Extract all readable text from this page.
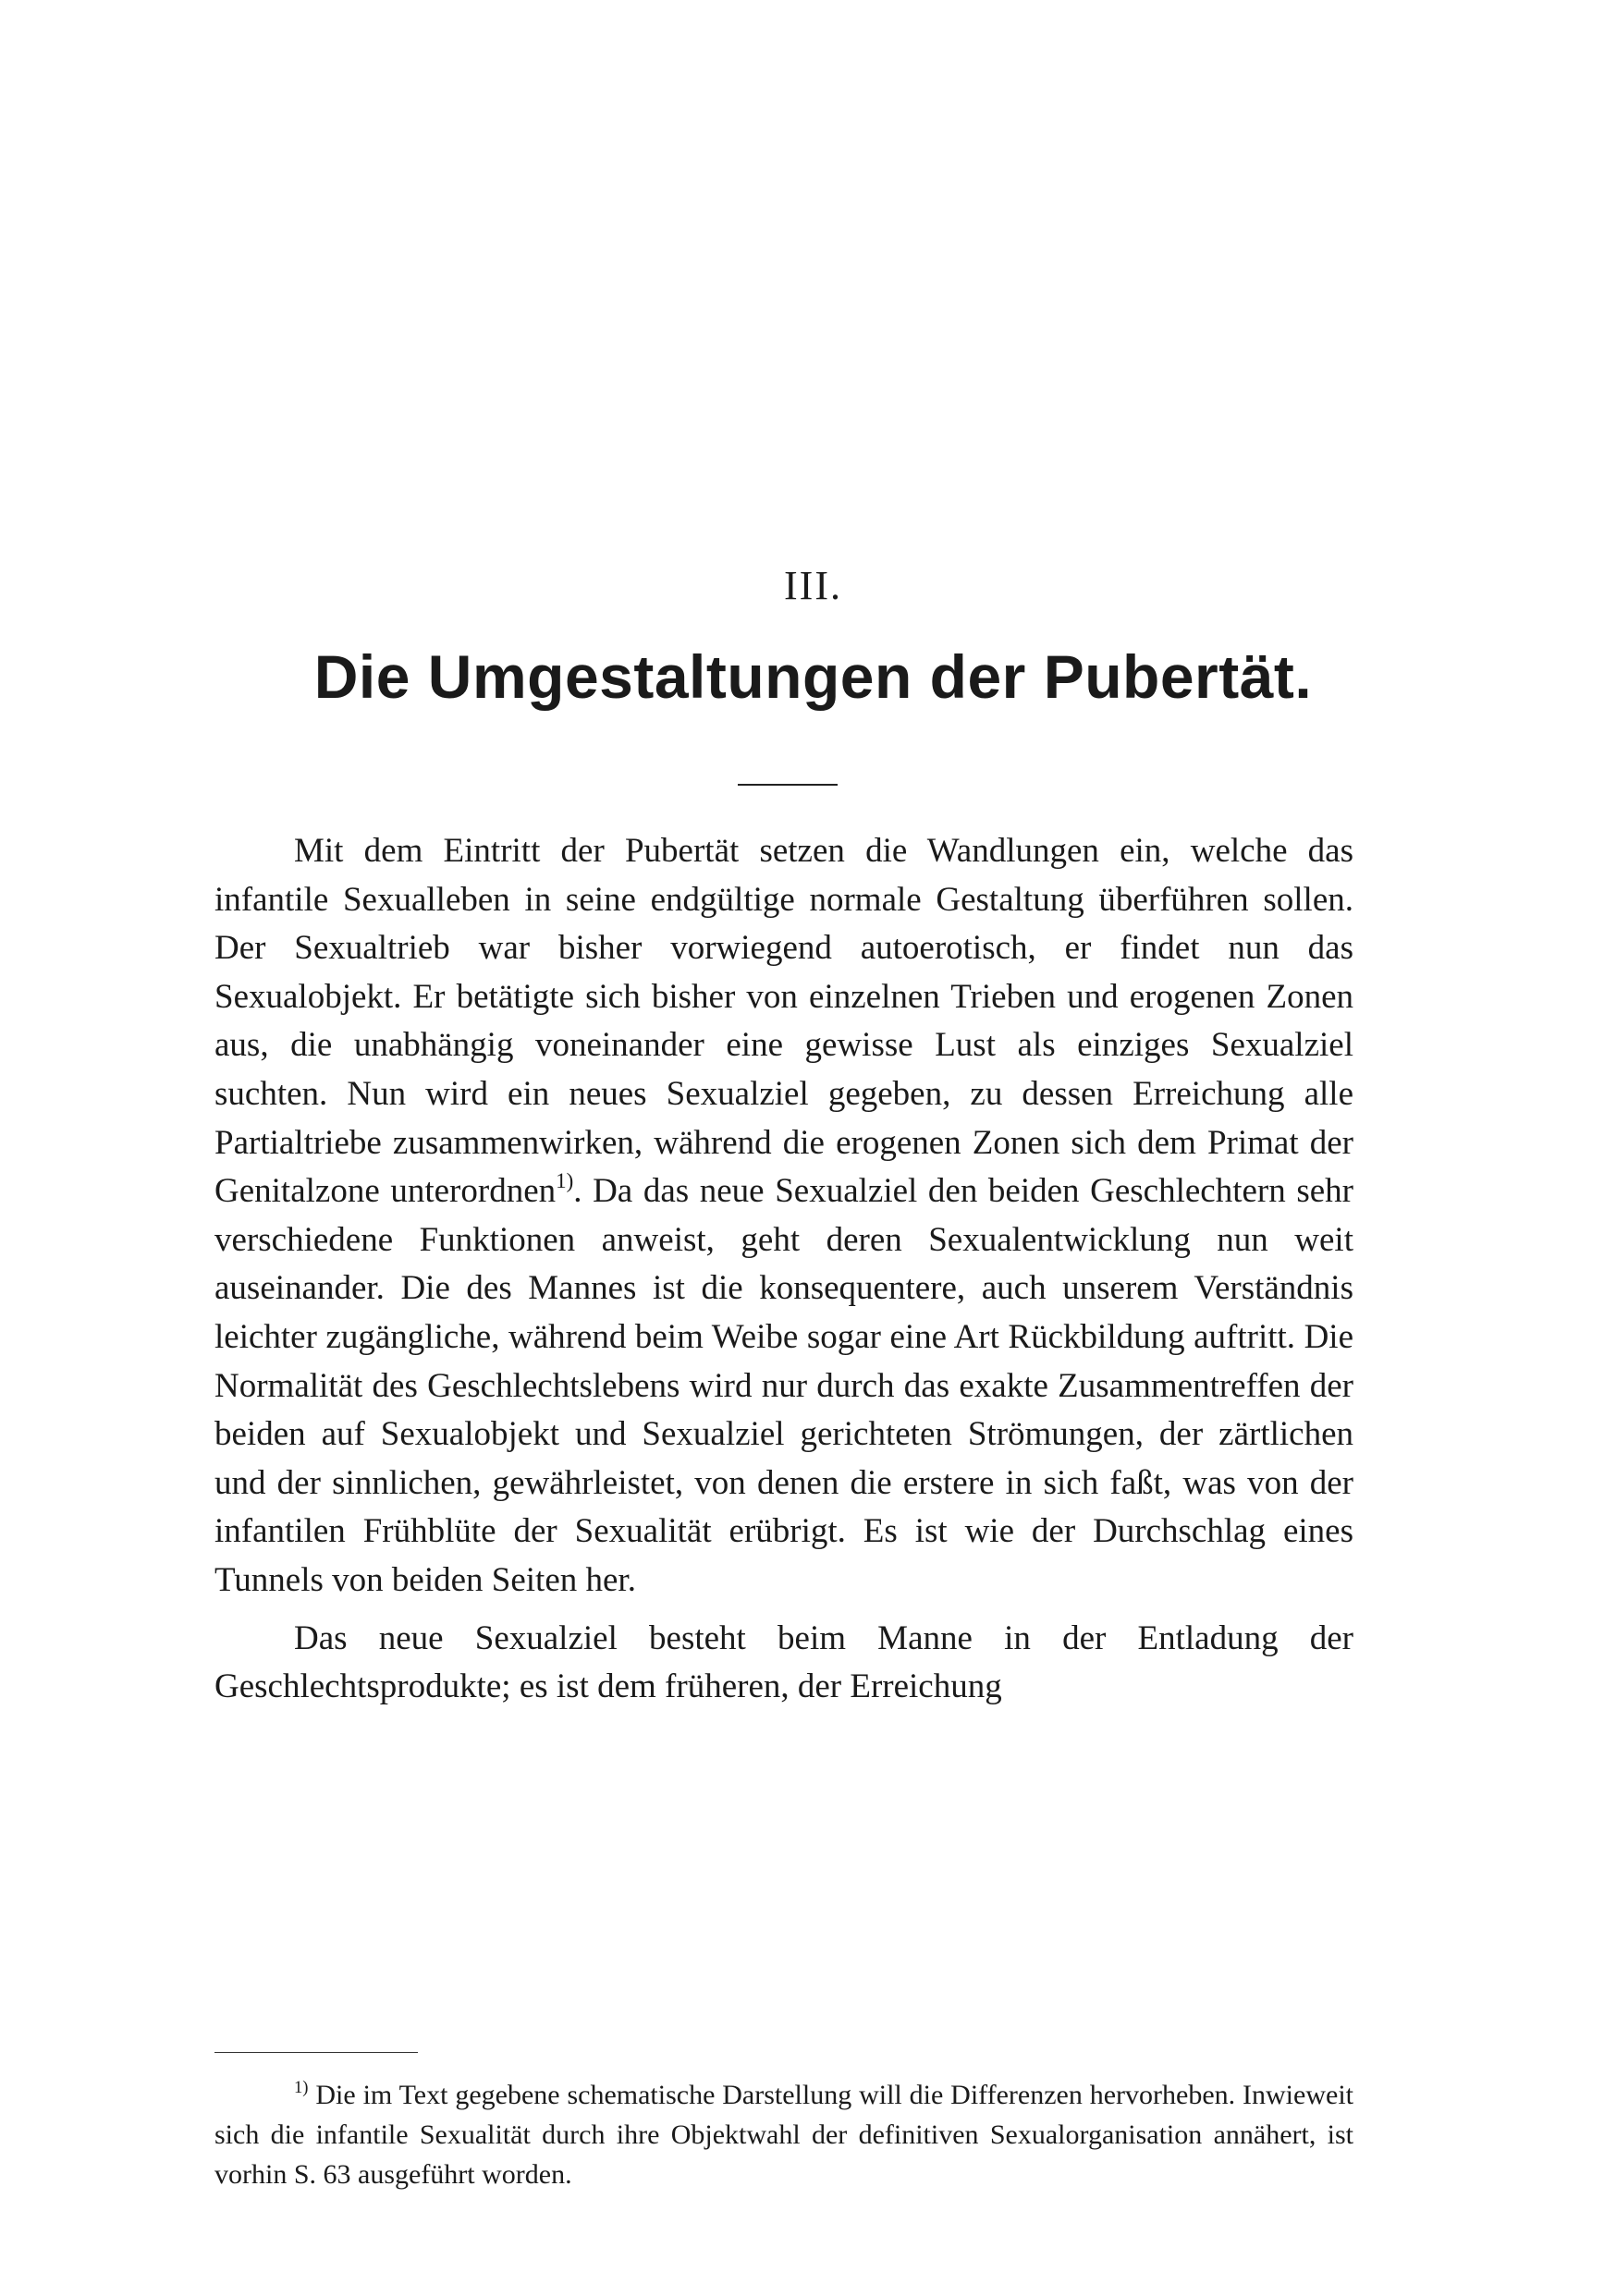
III.
Die Umgestaltungen der Pubertät.

Mit dem Eintritt der Pubertät setzen die Wandlungen ein, welche das infantile Sexualleben in seine endgültige normale Gestaltung überführen sollen. Der Sexualtrieb war bisher vorwiegend autoerotisch, er findet nun das Sexualobjekt. Er betätigte sich bisher von einzelnen Trieben und erogenen Zonen aus, die unabhängig voneinander eine gewisse Lust als einziges Sexualziel suchten. Nun wird ein neues Sexualziel gegeben, zu dessen Erreichung alle Partialtriebe zusammenwirken, während die erogenen Zonen sich dem Primat der Genitalzone unterordnen$^{1)}$. Da das neue Sexualziel den beiden Geschlechtern sehr verschiedene Funktionen anweist, geht deren Sexualentwicklung nun weit auseinander. Die des Mannes ist die konsequentere, auch unserem Verständnis leichter zugängliche, während beim Weibe sogar eine Art Rückbildung auftritt. Die Normalität des Geschlechtslebens wird nur durch das exakte Zusammentreffen der beiden auf Sexualobjekt und Sexualziel gerichteten Strömungen, der zärtlichen und der sinnlichen, gewährleistet, von denen die erstere in sich faßt, was von der infantilen Frühblüte der Sexualität erübrigt. Es ist wie der Durchschlag eines Tunnels von beiden Seiten her.

Das neue Sexualziel besteht beim Manne in der Entladung der Geschlechtsprodukte; es ist dem früheren, der Erreichung

$^{1)}$ Die im Text gegebene schematische Darstellung will die Differenzen hervorheben. Inwieweit sich die infantile Sexualität durch ihre Objektwahl der definitiven Sexualorganisation annähert, ist vorhin S. 63 ausgeführt worden.
